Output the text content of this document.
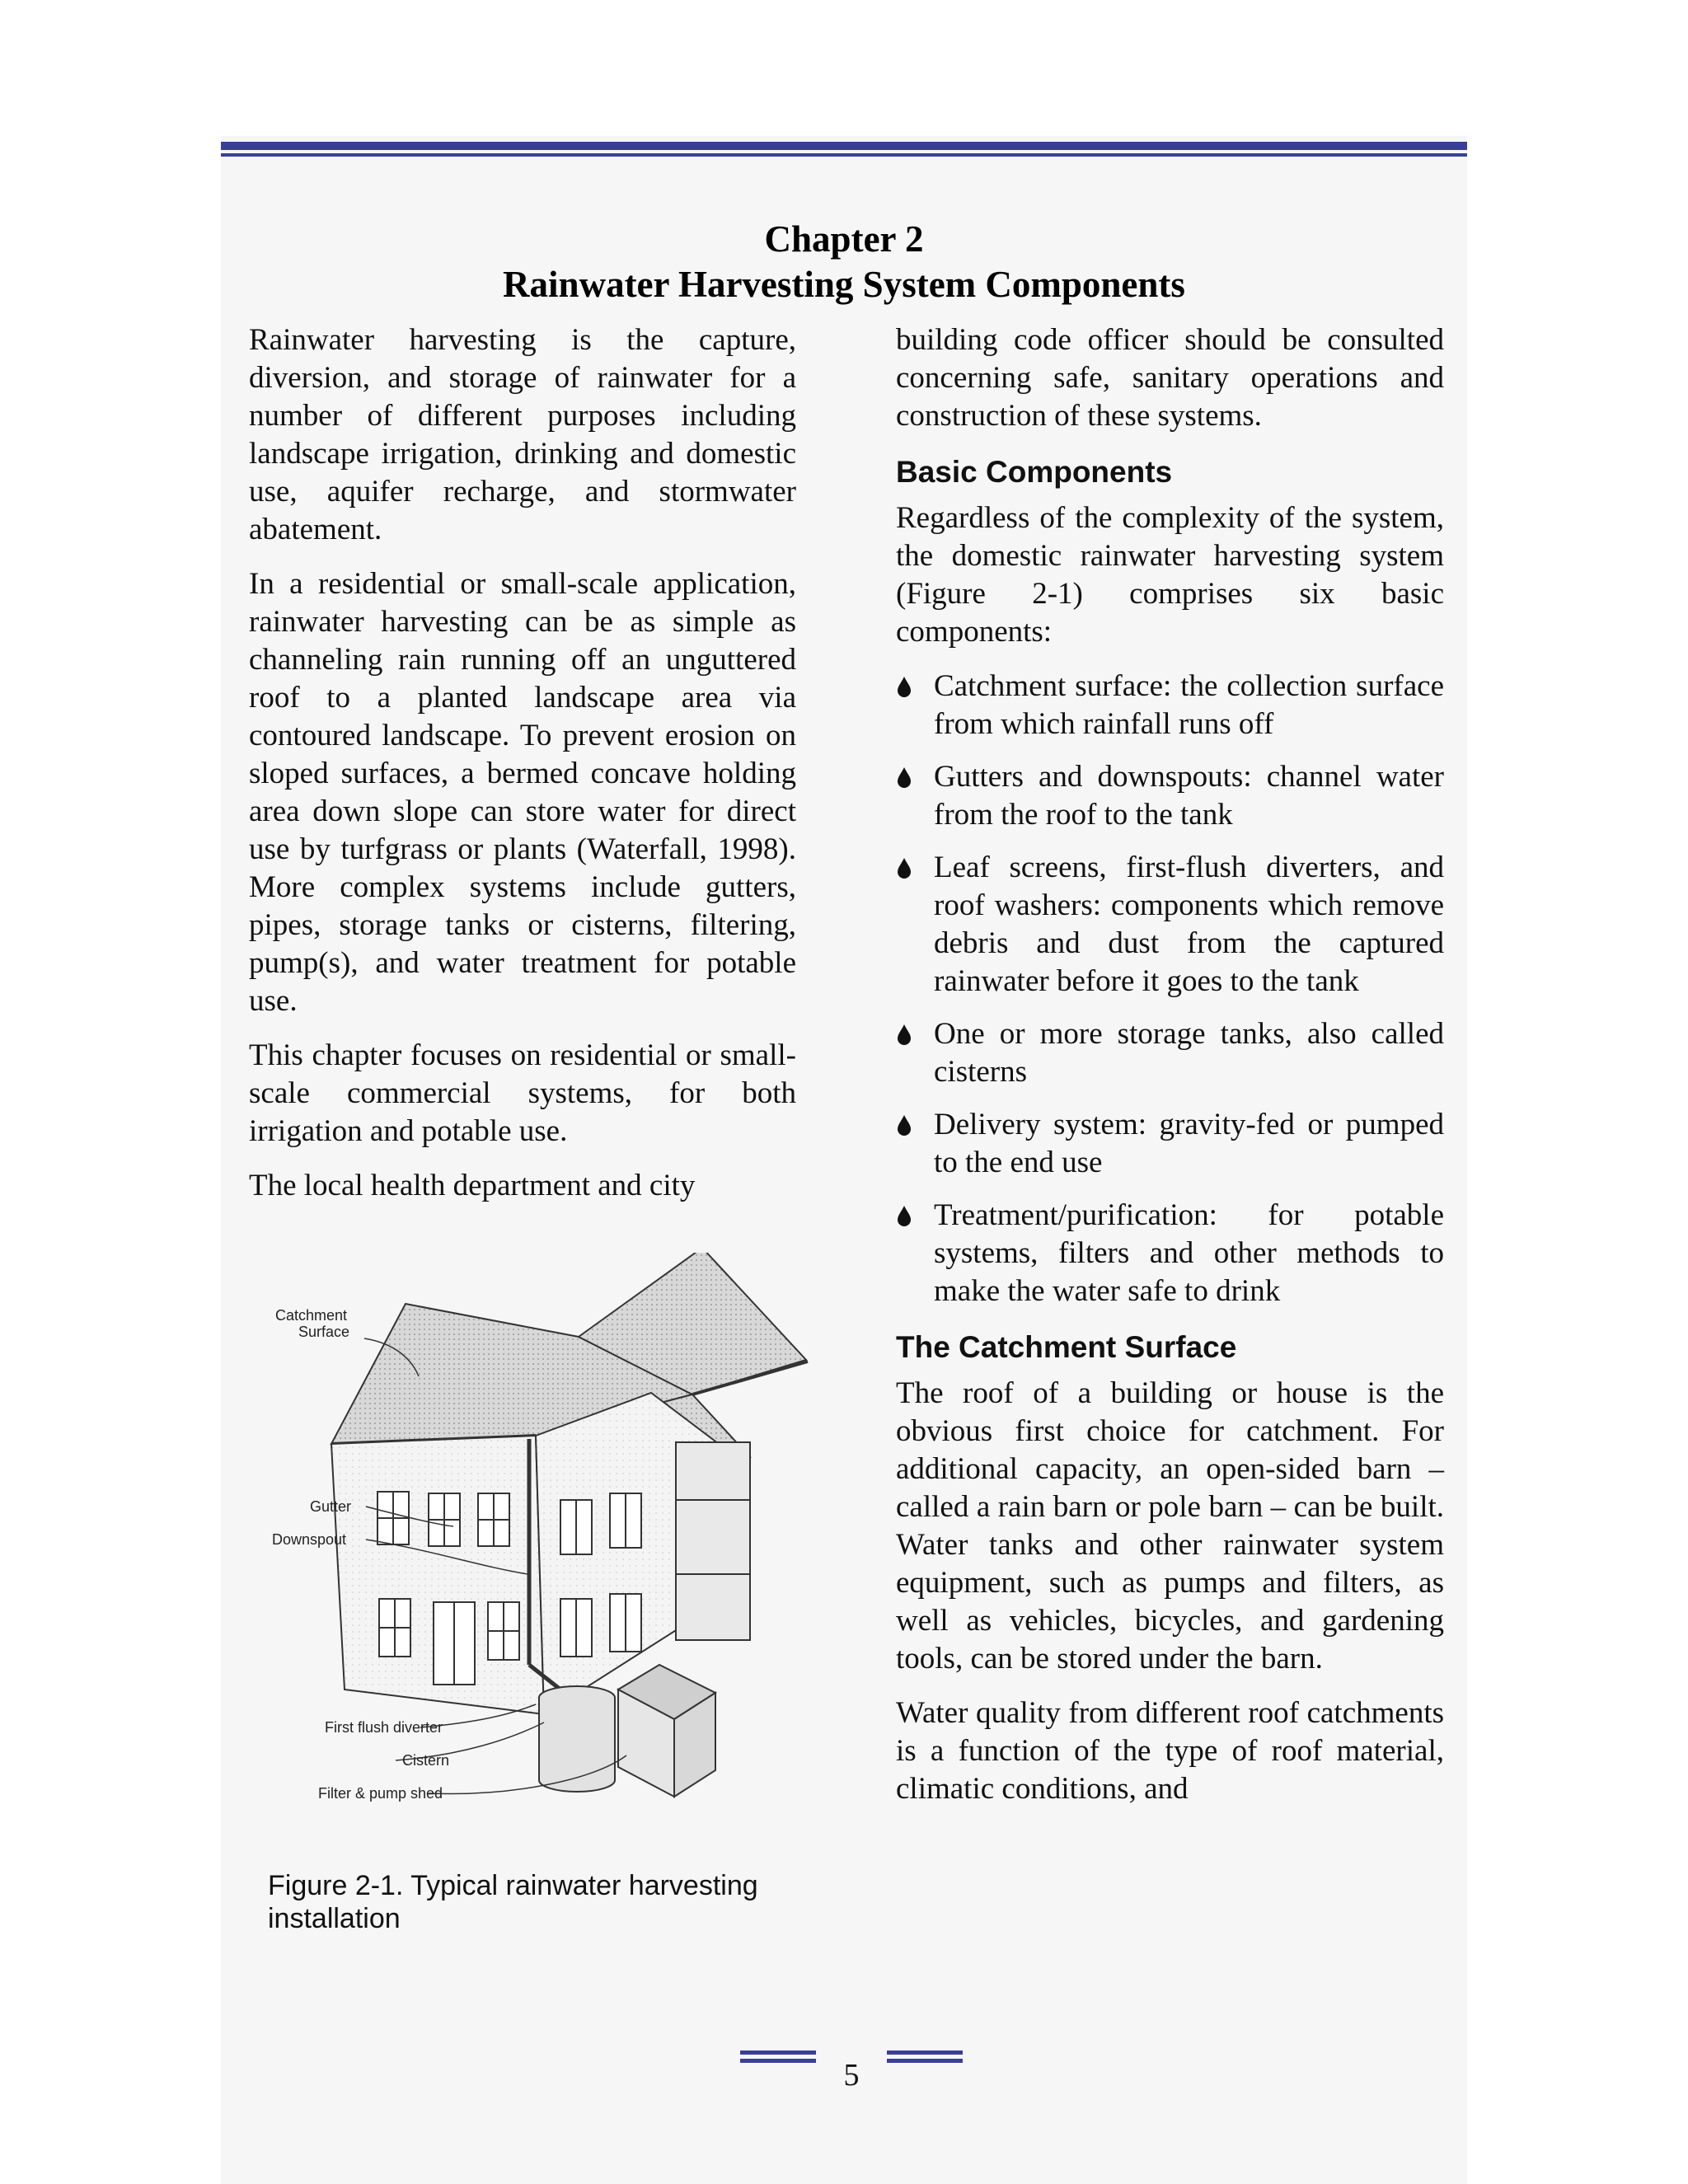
Chapter 2
Rainwater Harvesting System Components

Rainwater harvesting is the capture, diversion, and storage of rainwater for a number of different purposes including landscape irrigation, drinking and domestic use, aquifer recharge, and stormwater abatement.

In a residential or small-scale application, rainwater harvesting can be as simple as channeling rain running off an unguttered roof to a planted landscape area via contoured landscape. To prevent erosion on sloped surfaces, a bermed concave holding area down slope can store water for direct use by turfgrass or plants (Waterfall, 1998). More complex systems include gutters, pipes, storage tanks or cisterns, filtering, pump(s), and water treatment for potable use.

This chapter focuses on residential or small-scale commercial systems, for both irrigation and potable use.

The local health department and city

Catchment
Surface
Gutter
Downspout
First flush diverter
Cistern
Filter & pump shed
Figure 2-1. Typical rainwater harvesting installation

building code officer should be consulted concerning safe, sanitary operations and construction of these systems.

Basic Components

Regardless of the complexity of the system, the domestic rainwater harvesting system (Figure 2-1) comprises six basic components:

Catchment surface: the collection surface from which rainfall runs off
Gutters and downspouts: channel water from the roof to the tank
Leaf screens, first-flush diverters, and roof washers: components which remove debris and dust from the captured rainwater before it goes to the tank
One or more storage tanks, also called cisterns
Delivery system: gravity-fed or pumped to the end use
Treatment/purification: for potable systems, filters and other methods to make the water safe to drink
The Catchment Surface

The roof of a building or house is the obvious first choice for catchment. For additional capacity, an open-sided barn – called a rain barn or pole barn – can be built. Water tanks and other rainwater system equipment, such as pumps and filters, as well as vehicles, bicycles, and gardening tools, can be stored under the barn.

Water quality from different roof catchments is a function of the type of roof material, climatic conditions, and

5
